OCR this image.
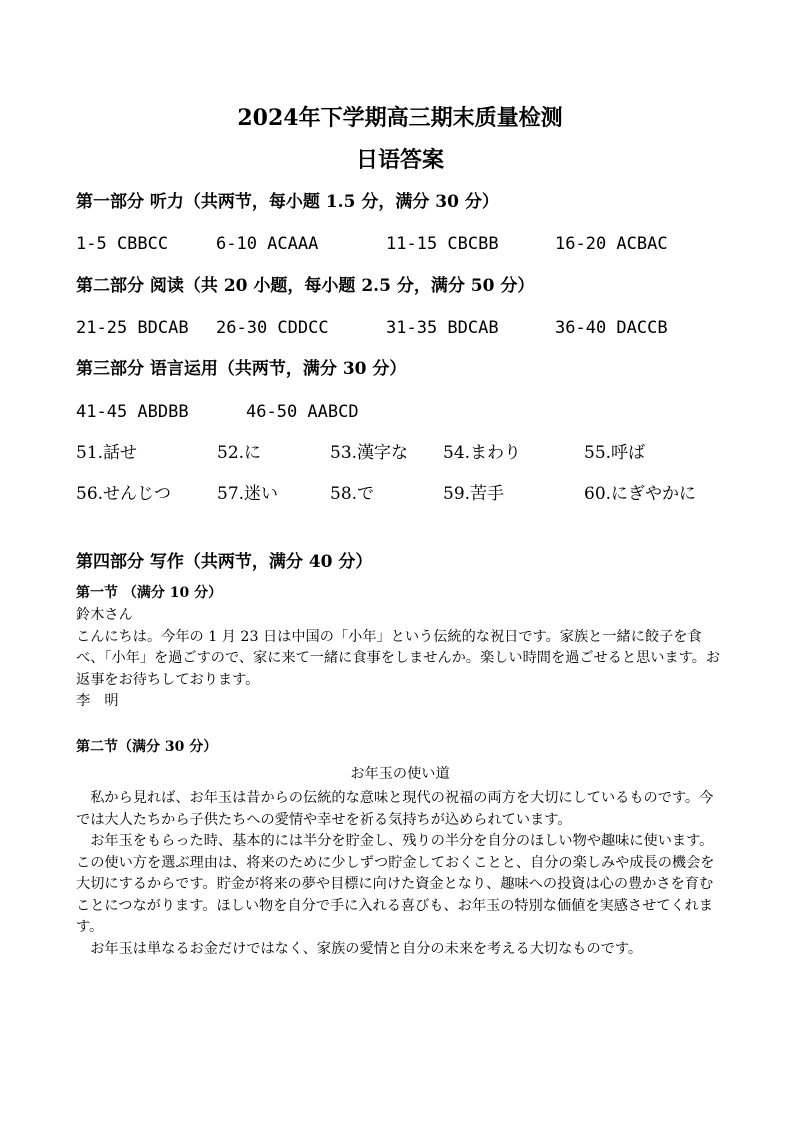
2024年下学期高三期末质量检测
日语答案
第一部分 听力（共两节，每小题 1.5 分，满分 30 分）
1-5 CBBCC	6-10 ACAAA	11-15 CBCBB	16-20 ACBAC
第二部分 阅读（共 20 小题，每小题 2.5 分，满分 50 分）
21-25 BDCAB 26-30 CDDCC	31-35 BDCAB	36-40 DACCB
第三部分 语言运用（共两节，满分 30 分）
41-45 ABDBB	46-50 AABCD
51.話せ	52.に	53.漢字な 54.まわり	55.呼ば
56.せんじつ	57.迷い	58.で	59.苦手	60.にぎやかに
第四部分 写作（共两节，满分 40 分）
第一节 （满分 10 分）

鈴木さん

こんにちは。今年の 1 月 23 日は中国の「小年」という伝統的な祝日です。家族と一緒に餃子を食べ、「小年」を過ごすので、家に来て一緒に食事をしませんか。楽しい時間を過ごせると思います。お返事をお待ちしております。

李　明

第二节（满分 30 分）
お年玉の使い道

私から見れば、お年玉は昔からの伝統的な意味と現代の祝福の両方を大切にしているものです。今では大人たちから子供たちへの愛情や幸せを祈る気持ちが込められています。

お年玉をもらった時、基本的には半分を貯金し、残りの半分を自分のほしい物や趣味に使います。この使い方を選ぶ理由は、将来のために少しずつ貯金しておくことと、自分の楽しみや成長の機会を大切にするからです。貯金が将来の夢や目標に向けた資金となり、趣味への投資は心の豊かさを育むことにつながります。ほしい物を自分で手に入れる喜びも、お年玉の特別な価値を実感させてくれます。

お年玉は単なるお金だけではなく、家族の愛情と自分の未来を考える大切なものです。
